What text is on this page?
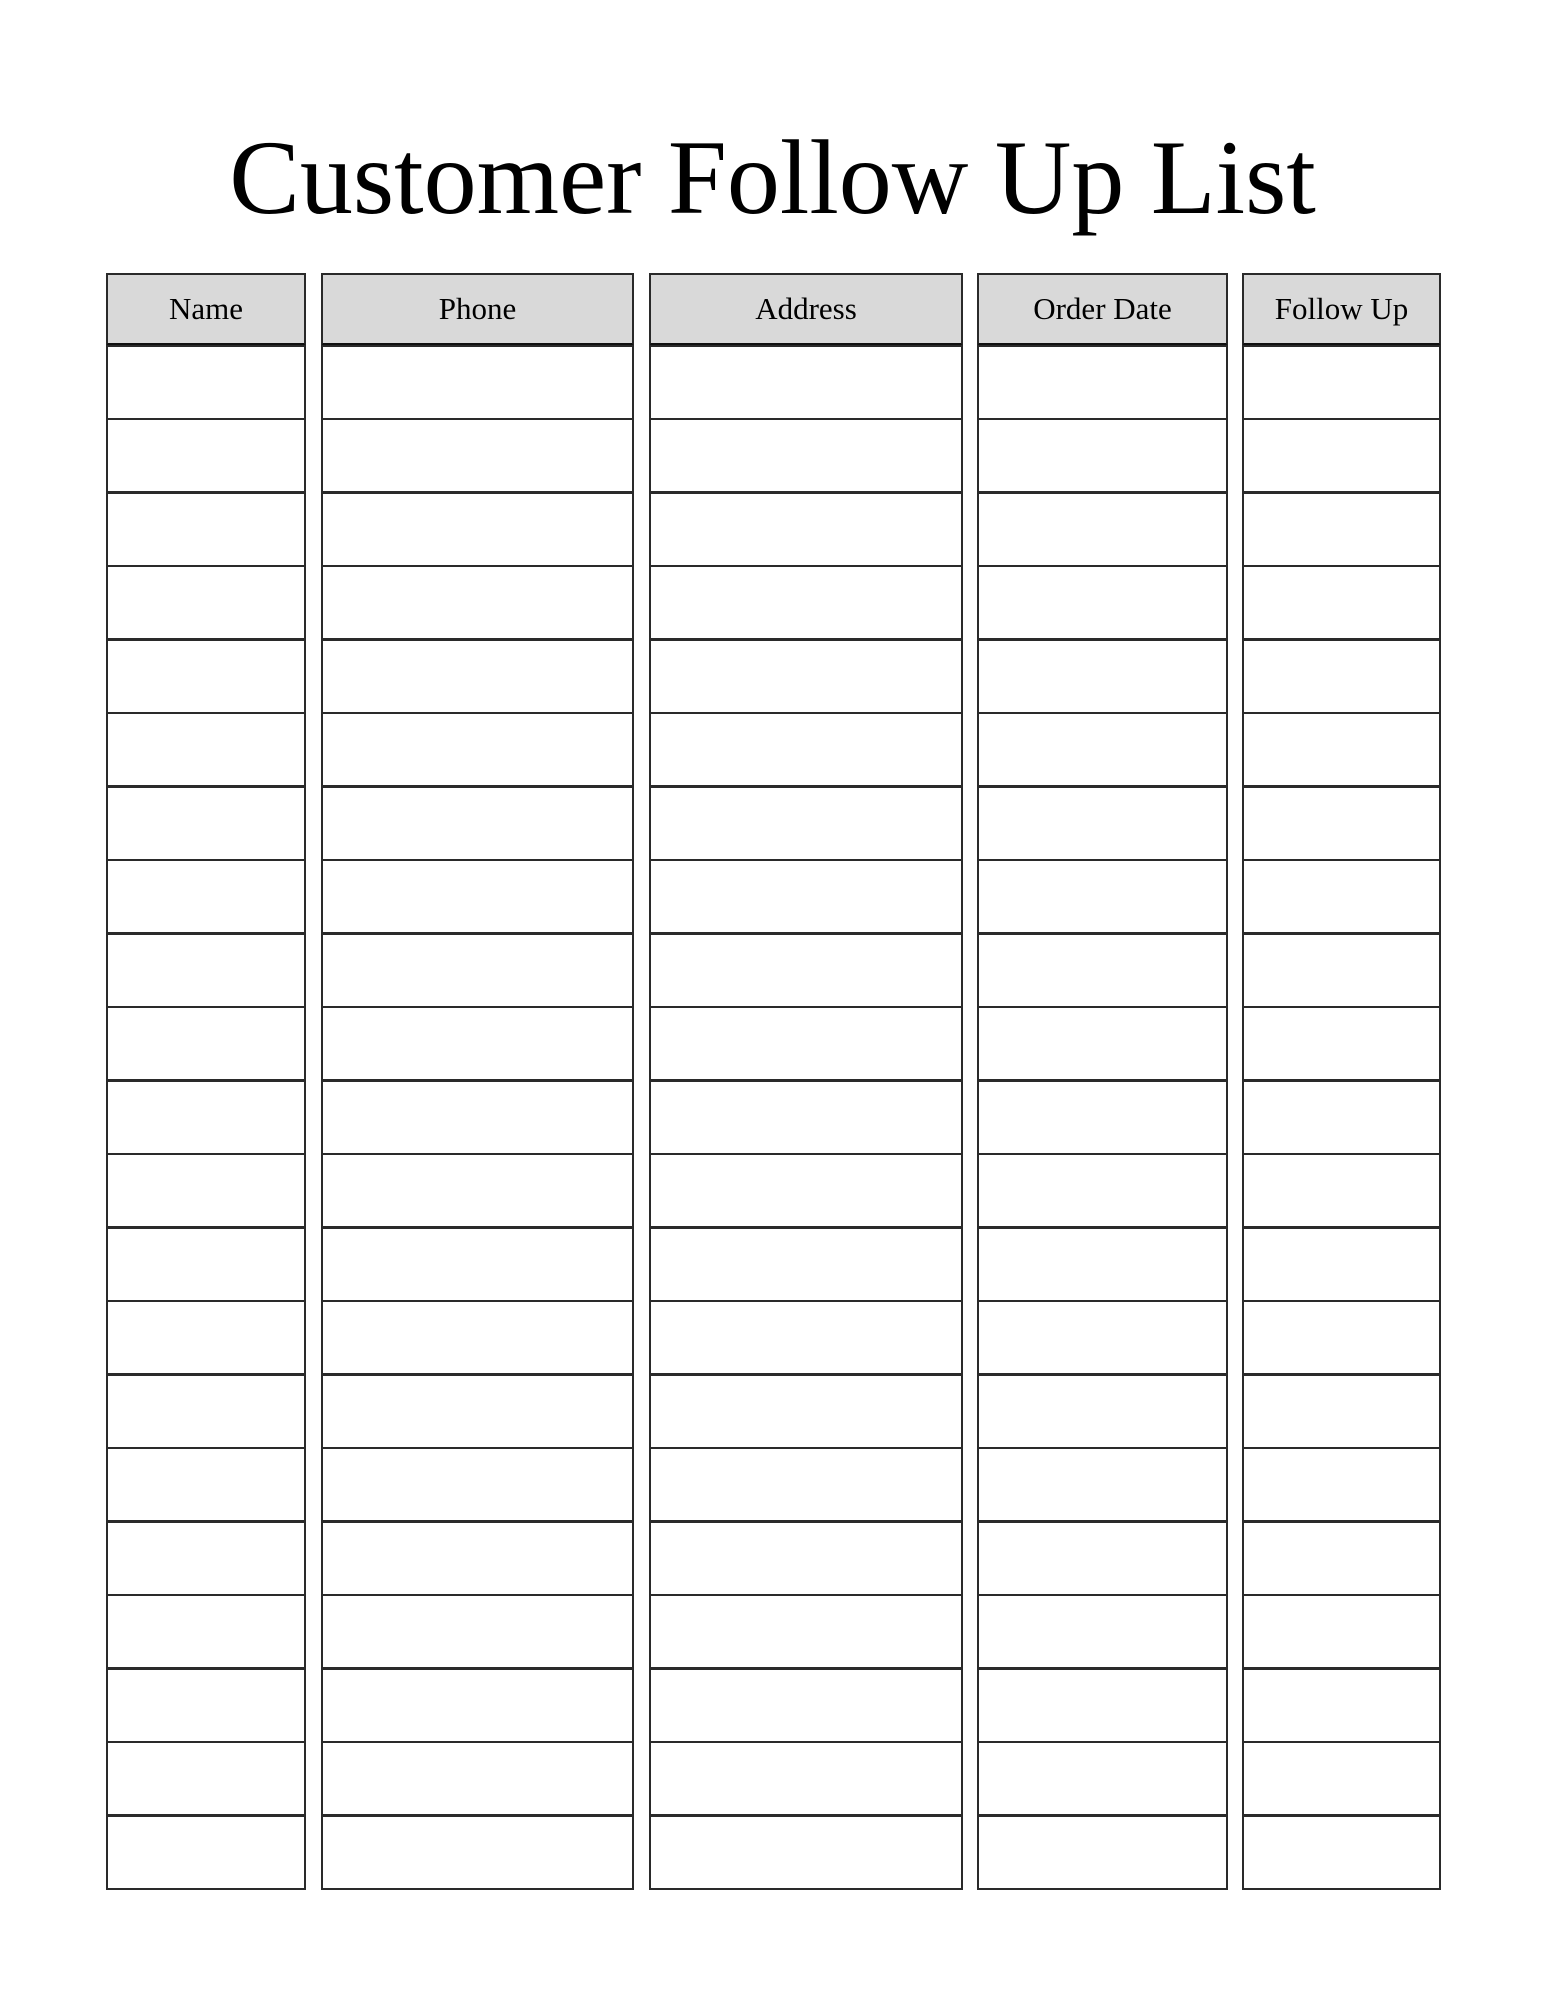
Customer Follow Up List
Name	Phone	Address	Order Date	Follow Up
